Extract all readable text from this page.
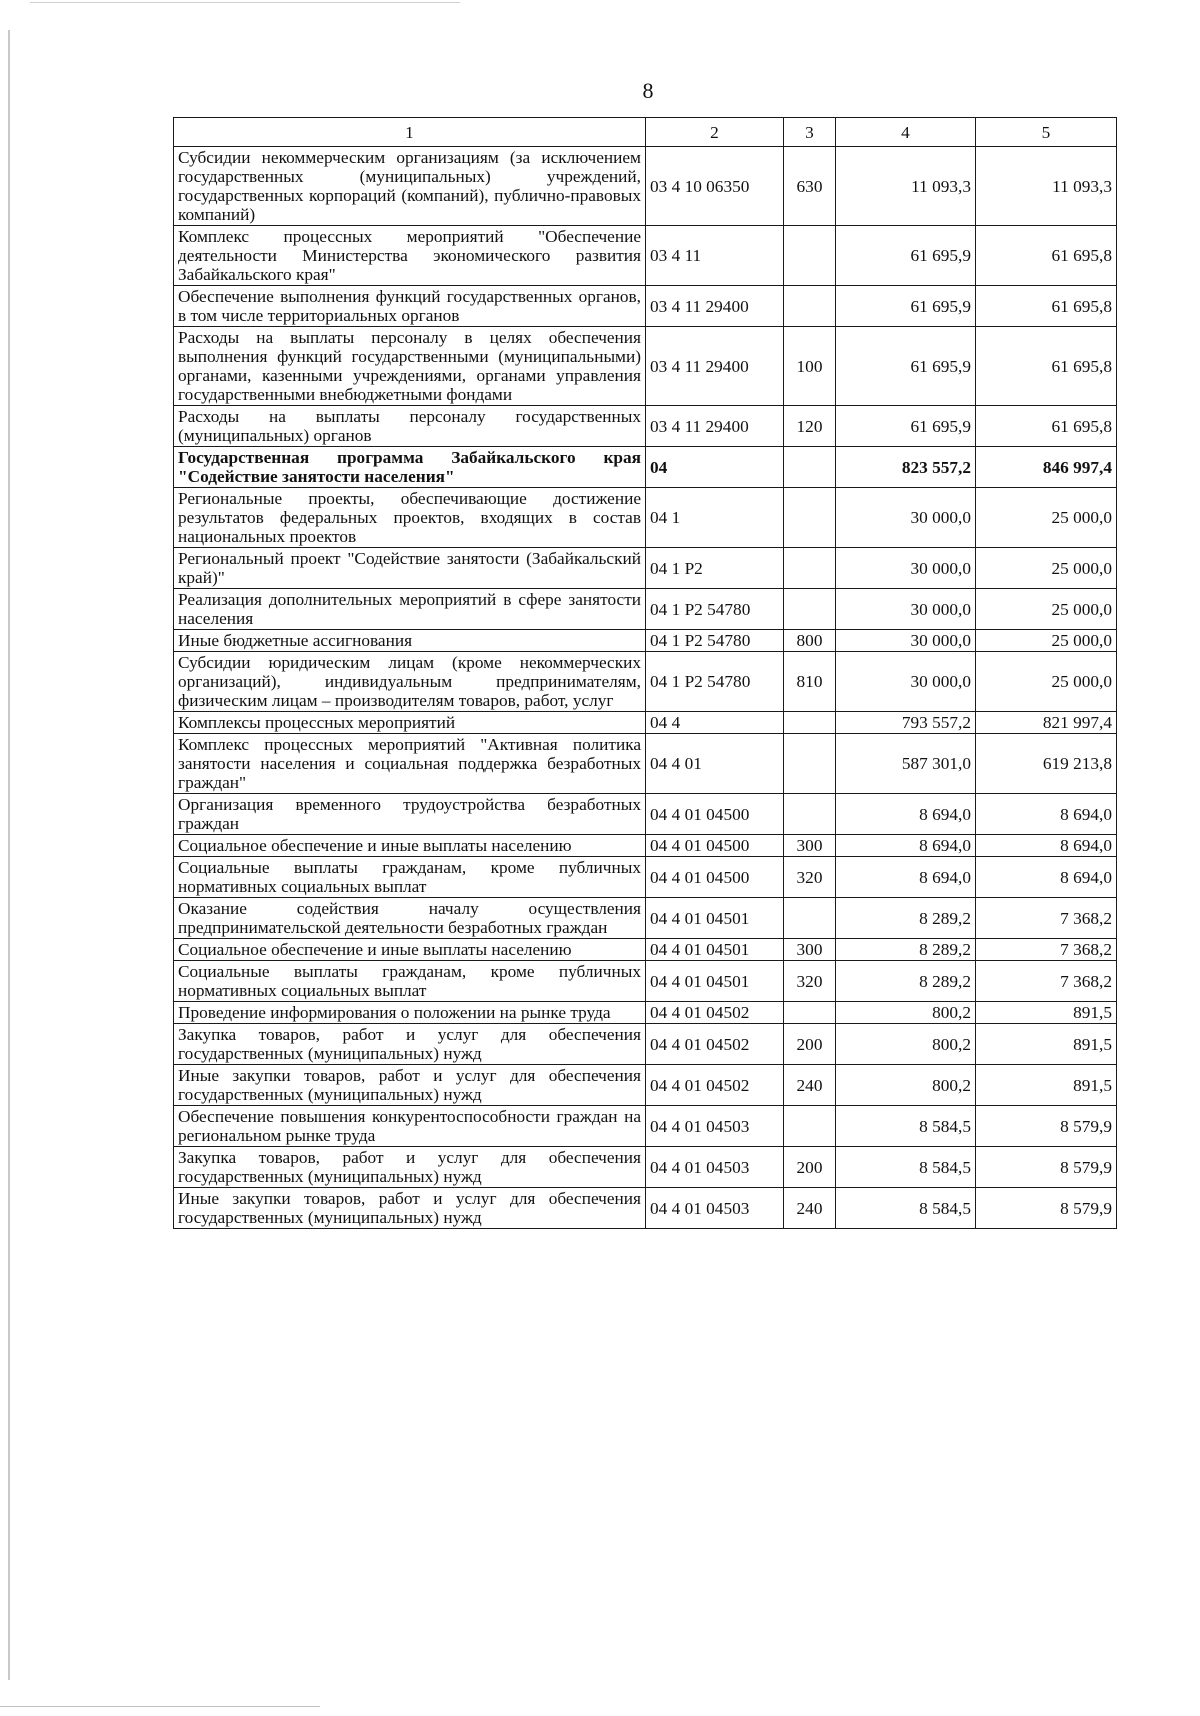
8
1	2	3	4	5
Субсидии некоммерческим организациям (за исключением государственных (муниципальных) учреждений, государственных корпораций (компаний), публично-правовых компаний)	03 4 10 06350	630	11 093,3	11 093,3
Комплекс процессных мероприятий "Обеспечение деятельности Министерства экономического развития Забайкальского края"	03 4 11		61 695,9	61 695,8
Обеспечение выполнения функций государственных органов, в том числе территориальных органов	03 4 11 29400		61 695,9	61 695,8
Расходы на выплаты персоналу в целях обеспечения выполнения функций государственными (муниципальными) органами, казенными учреждениями, органами управления государственными внебюджетными фондами	03 4 11 29400	100	61 695,9	61 695,8
Расходы на выплаты персоналу государственных (муниципальных) органов	03 4 11 29400	120	61 695,9	61 695,8
Государственная программа Забайкальского края "Содействие занятости населения"	04		823 557,2	846 997,4
Региональные проекты, обеспечивающие достижение результатов федеральных проектов, входящих в состав национальных проектов	04 1		30 000,0	25 000,0
Региональный проект "Содействие занятости (Забайкальский край)"	04 1 P2		30 000,0	25 000,0
Реализация дополнительных мероприятий в сфере занятости населения	04 1 P2 54780		30 000,0	25 000,0
Иные бюджетные ассигнования	04 1 P2 54780	800	30 000,0	25 000,0
Субсидии юридическим лицам (кроме некоммерческих организаций), индивидуальным предпринимателям, физическим лицам – производителям товаров, работ, услуг	04 1 P2 54780	810	30 000,0	25 000,0
Комплексы процессных мероприятий	04 4		793 557,2	821 997,4
Комплекс процессных мероприятий "Активная политика занятости населения и социальная поддержка безработных граждан"	04 4 01		587 301,0	619 213,8
Организация временного трудоустройства безработных граждан	04 4 01 04500		8 694,0	8 694,0
Социальное обеспечение и иные выплаты населению	04 4 01 04500	300	8 694,0	8 694,0
Социальные выплаты гражданам, кроме публичных нормативных социальных выплат	04 4 01 04500	320	8 694,0	8 694,0
Оказание содействия началу осуществления предпринимательской деятельности безработных граждан	04 4 01 04501		8 289,2	7 368,2
Социальное обеспечение и иные выплаты населению	04 4 01 04501	300	8 289,2	7 368,2
Социальные выплаты гражданам, кроме публичных нормативных социальных выплат	04 4 01 04501	320	8 289,2	7 368,2
Проведение информирования о положении на рынке труда	04 4 01 04502		800,2	891,5
Закупка товаров, работ и услуг для обеспечения государственных (муниципальных) нужд	04 4 01 04502	200	800,2	891,5
Иные закупки товаров, работ и услуг для обеспечения государственных (муниципальных) нужд	04 4 01 04502	240	800,2	891,5
Обеспечение повышения конкурентоспособности граждан на региональном рынке труда	04 4 01 04503		8 584,5	8 579,9
Закупка товаров, работ и услуг для обеспечения государственных (муниципальных) нужд	04 4 01 04503	200	8 584,5	8 579,9
Иные закупки товаров, работ и услуг для обеспечения государственных (муниципальных) нужд	04 4 01 04503	240	8 584,5	8 579,9
